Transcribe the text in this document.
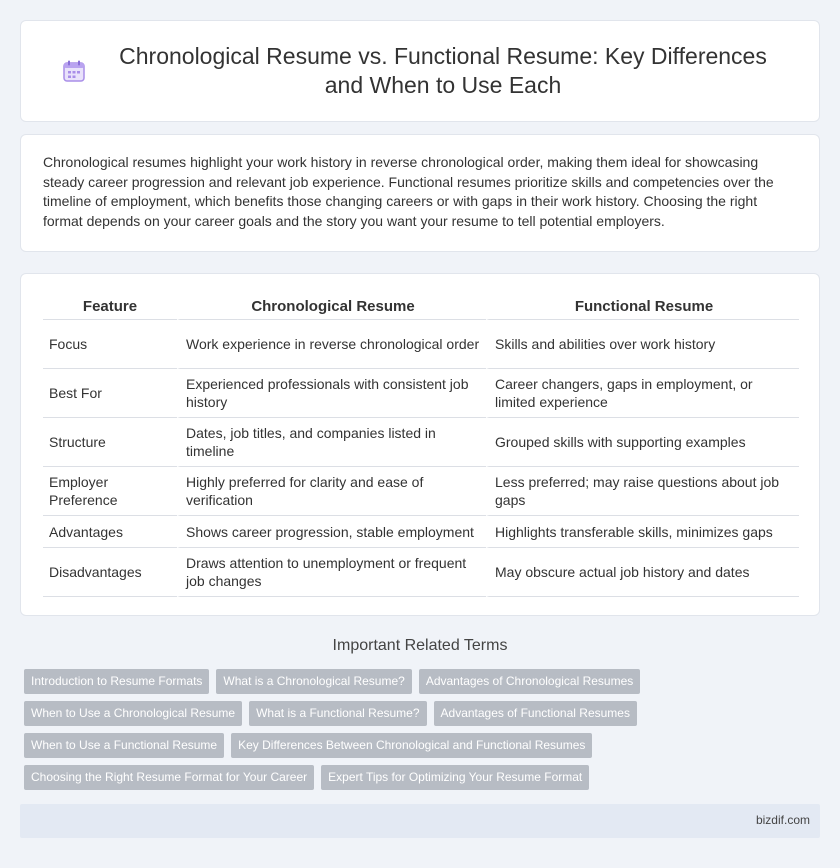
Chronological Resume vs. Functional Resume: Key Differences and When to Use Each

Chronological resumes highlight your work history in reverse chronological order, making them ideal for showcasing steady career progression and relevant job experience. Functional resumes prioritize skills and competencies over the timeline of employment, which benefits those changing careers or with gaps in their work history. Choosing the right format depends on your career goals and the story you want your resume to tell potential employers.

Feature	Chronological Resume	Functional Resume
Focus	Work experience in reverse chronological order	Skills and abilities over work history
Best For	Experienced professionals with consistent job history	Career changers, gaps in employment, or limited experience
Structure	Dates, job titles, and companies listed in timeline	Grouped skills with supporting examples
Employer Preference	Highly preferred for clarity and ease of verification	Less preferred; may raise questions about job gaps
Advantages	Shows career progression, stable employment	Highlights transferable skills, minimizes gaps
Disadvantages	Draws attention to unemployment or frequent job changes	May obscure actual job history and dates
Important Related Terms
Introduction to Resume Formats	What is a Chronological Resume?	Advantages of Chronological Resumes
When to Use a Chronological Resume	What is a Functional Resume?	Advantages of Functional Resumes
When to Use a Functional Resume	Key Differences Between Chronological and Functional Resumes
Choosing the Right Resume Format for Your Career	Expert Tips for Optimizing Your Resume Format
bizdif.com
